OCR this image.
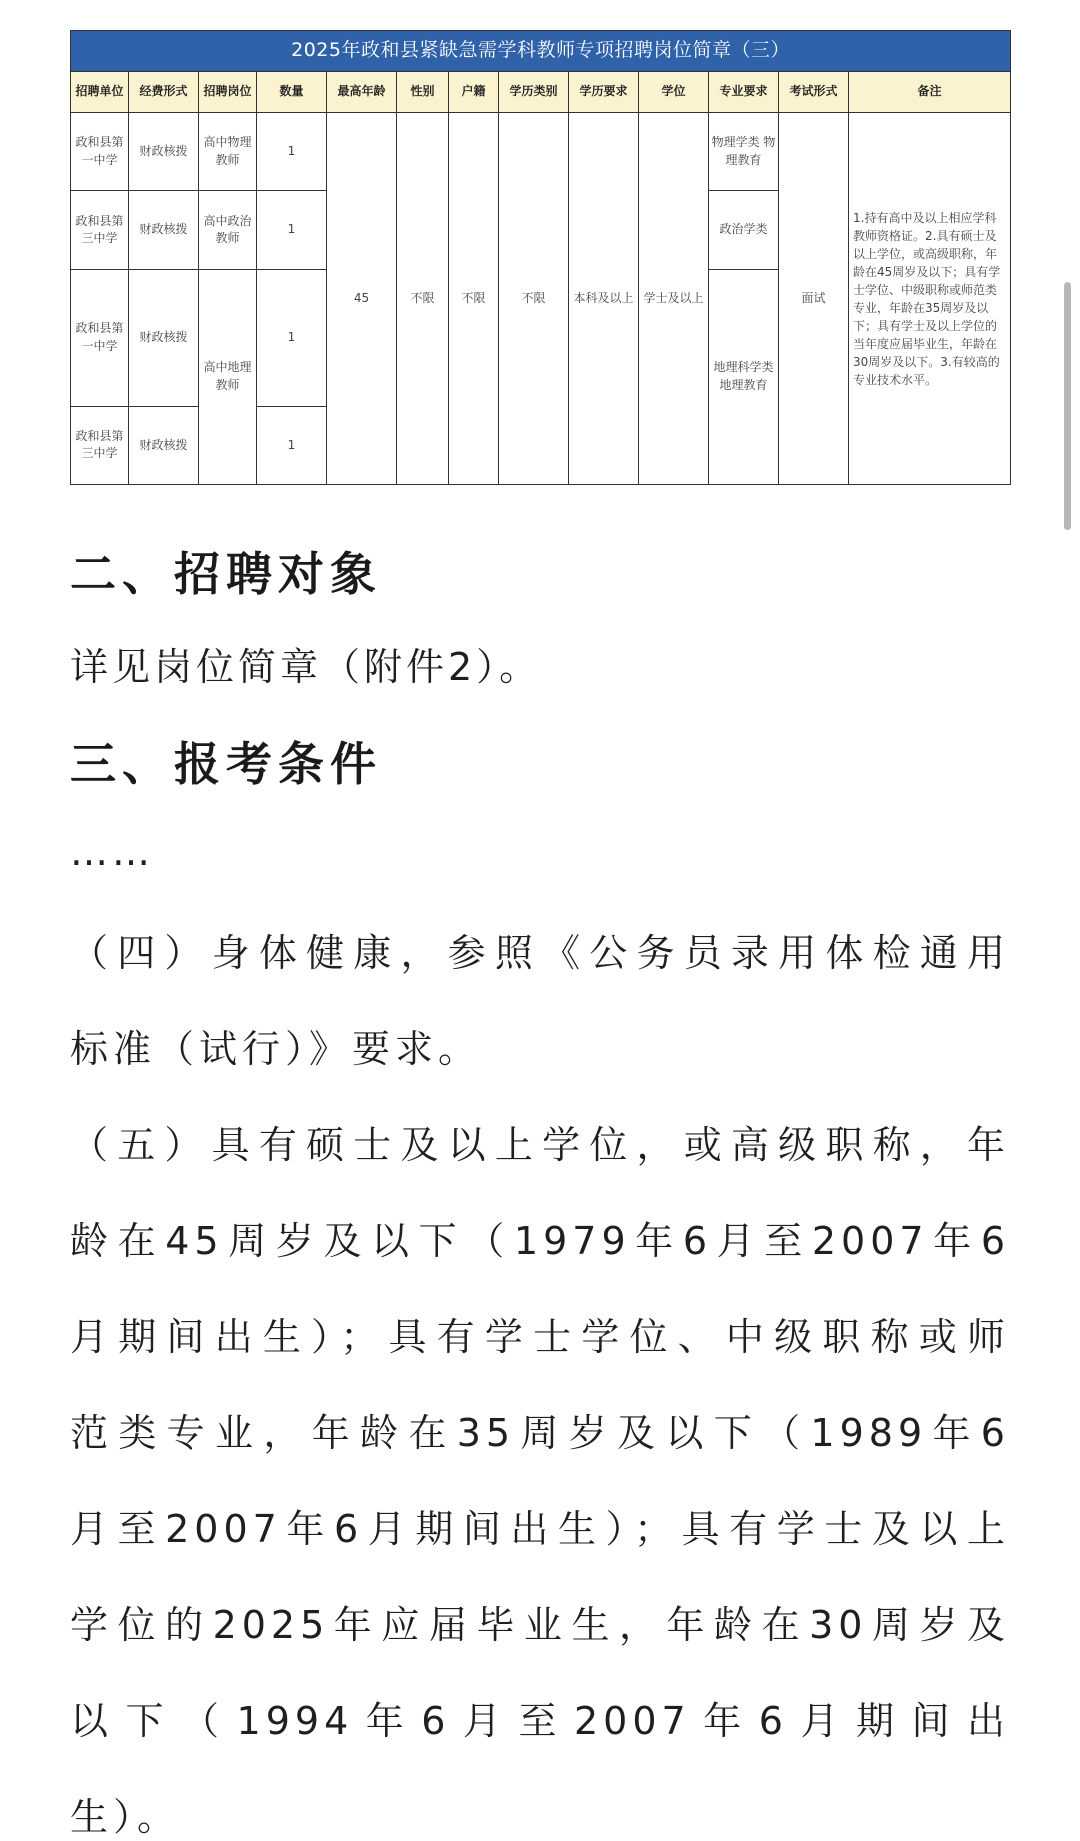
2025年政和县紧缺急需学科教师专项招聘岗位简章（三）												
招聘单位	经费形式	招聘岗位	数量	最高年龄	性别	户籍	学历类别	学历要求	学位	专业要求	考试形式	备注
政和县第一中学	财政核拨	高中物理教师	1	45	不限	不限	不限	本科及以上	学士及以上	物理学类 物理教育	面试	1.持有高中及以上相应学科教师资格证。2.具有硕士及以上学位，或高级职称，年龄在45周岁及以下；具有学士学位、中级职称或师范类专业，年龄在35周岁及以下；具有学士及以上学位的当年度应届毕业生，年龄在30周岁及以下。3.有较高的专业技术水平。
政和县第三中学	财政核拨	高中政治教师	1							政治学类		
政和县第一中学	财政核拨	高中地理教师	1							地理科学类 地理教育		
政和县第三中学	财政核拨		1									
二、招聘对象
详见岗位简章（附件2）。
三、报考条件
……
（四）身体健康，参照《公务员录用体检通用
标准（试行）》要求。
（五）具有硕士及以上学位，或高级职称，年
龄在45周岁及以下（1979年6月至2007年6
月期间出生）；具有学士学位、中级职称或师
范类专业，年龄在35周岁及以下（1989年6
月至2007年6月期间出生）；具有学士及以上
学位的2025年应届毕业生，年龄在30周岁及
以下（1994年6月至2007年6月期间出
生）。
